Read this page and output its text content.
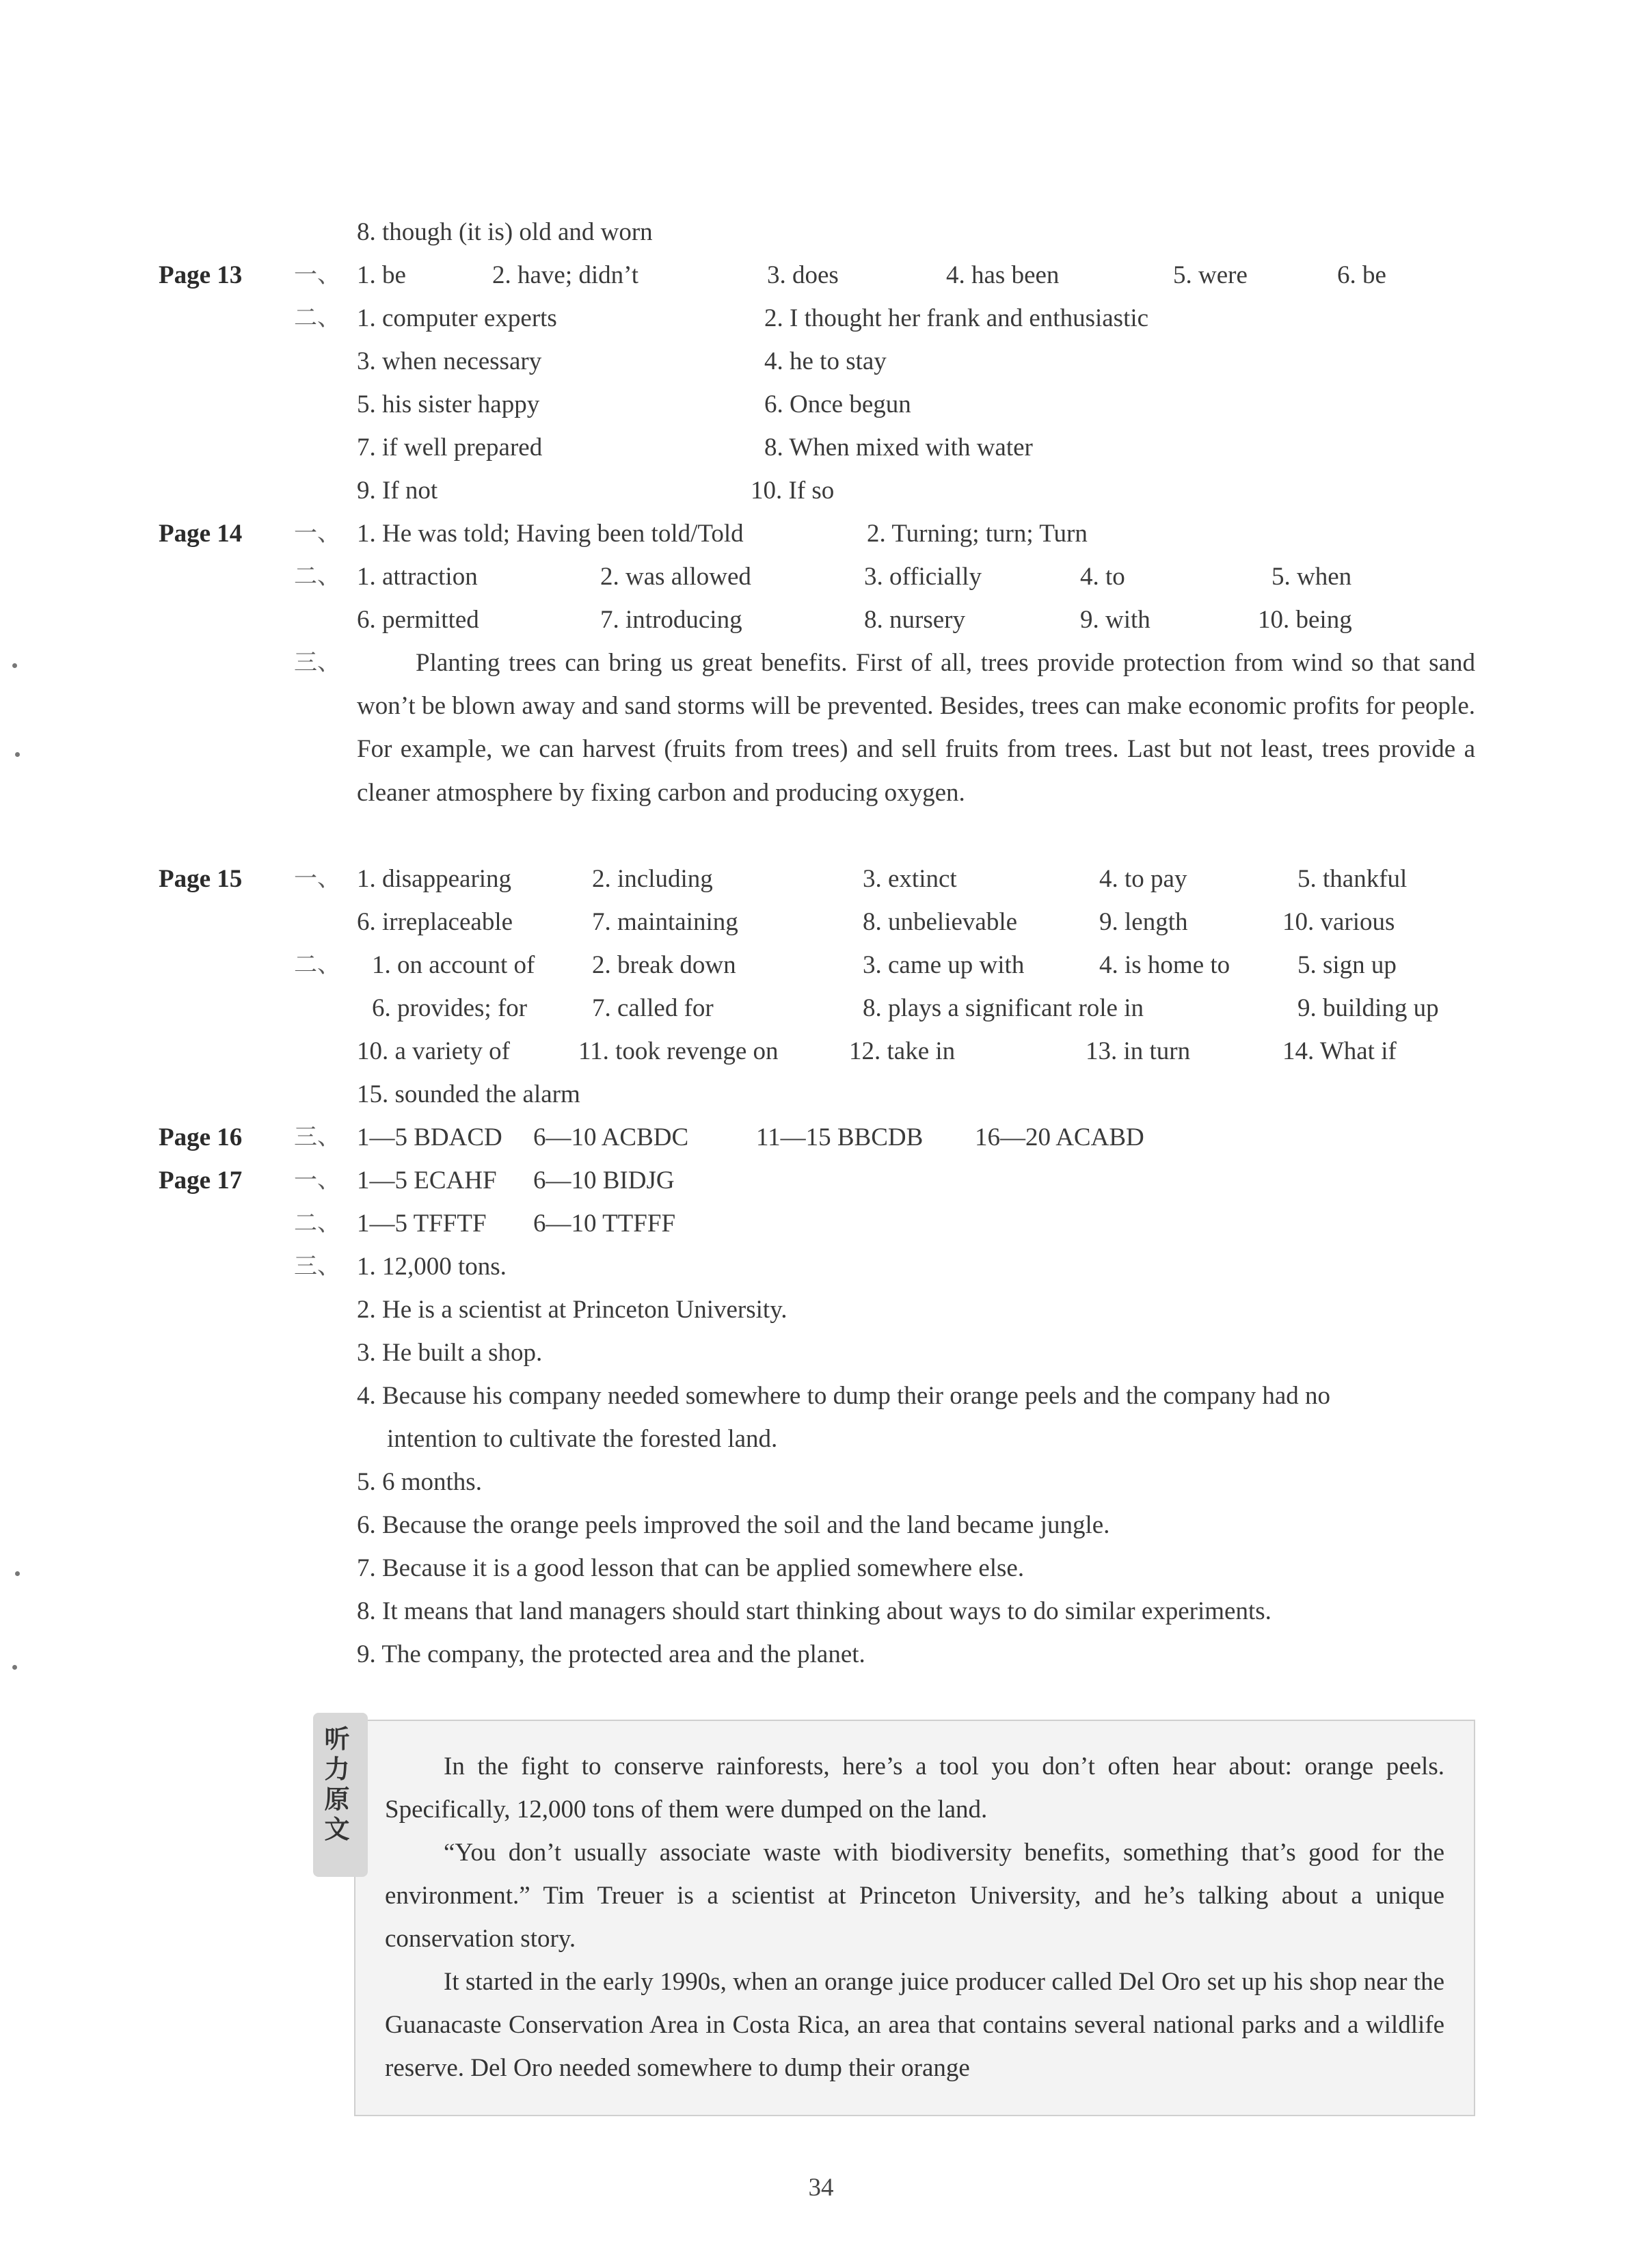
8. though (it is) old and worn
Page 13 一、 1. be	2. have; didn’t	3. does	4. has been	5. were	6. be
二、 1. computer experts	2. I thought her frank and enthusiastic
3. when necessary	4. he to stay
5. his sister happy	6. Once begun
7. if well prepared	8. When mixed with water
9. If not	10. If so
Page 14 一、 1. He was told; Having been told/Told	2. Turning; turn; Turn
二、 1. attraction	2. was allowed	3. officially	4. to	5. when
6. permitted	7. introducing	8. nursery	9. with	10. being
三、	Planting trees can bring us great benefits. First of all, trees provide protection from wind so that sand won’t be blown away and sand storms will be prevented. Besides, trees can make economic profits for people. For example, we can harvest (fruits from trees) and sell fruits from trees. Last but not least, trees provide a cleaner atmosphere by fixing carbon and producing oxygen.
Page 15 一、 1. disappearing	2. including	3. extinct	4. to pay	5. thankful
6. irreplaceable	7. maintaining	8. unbelievable	9. length	10. various
二、 1. on account of 2. break down	3. came up with	4. is home to	5. sign up
6. provides; for	7. called for	8. plays a significant role in	9. building up
10. a variety of	11. took revenge on	12. take in	13. in turn	14. What if
15. sounded the alarm
Page 16 三、 1—5 BDACD 6—10 ACBDC	11—15 BBCDB 16—20 ACABD
Page 17 一、 1—5 ECAHF 6—10 BIDJG
二、 1—5 TFFTF 6—10 TTFFF
三、 1. 12,000 tons.
2. He is a scientist at Princeton University.
3. He built a shop.
4. Because his company needed somewhere to dump their orange peels and the company had no
intention to cultivate the forested land.
5. 6 months.
6. Because the orange peels improved the soil and the land became jungle.
7. Because it is a good lesson that can be applied somewhere else.
8. It means that land managers should start thinking about ways to do similar experiments.
9. The company, the protected area and the planet.
听力原文
In the fight to conserve rainforests, here’s a tool you don’t often hear about: orange peels. Specifically, 12,000 tons of them were dumped on the land.
“You don’t usually associate waste with biodiversity benefits, something that’s good for the environment.” Tim Treuer is a scientist at Princeton University, and he’s talking about a unique conservation story.
It started in the early 1990s, when an orange juice producer called Del Oro set up his shop near the Guanacaste Conservation Area in Costa Rica, an area that contains several national parks and a wildlife reserve. Del Oro needed somewhere to dump their orange
34
